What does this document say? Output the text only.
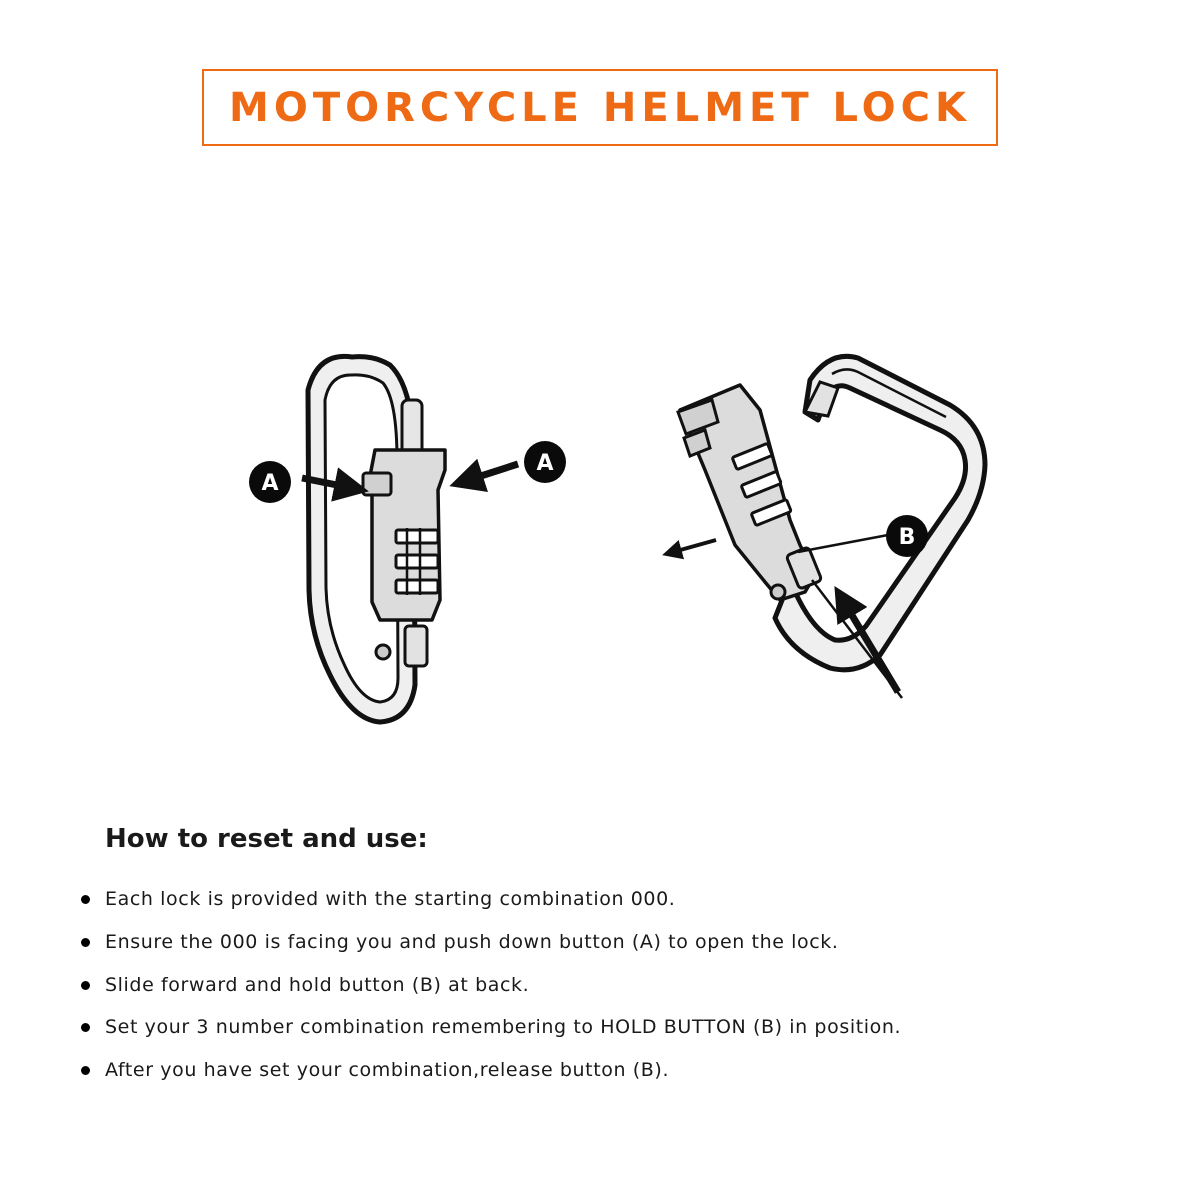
MOTORCYCLE HELMET LOCK
A
A
B
How to reset and use:
Each lock is provided with the starting combination 000.
Ensure the 000 is facing you and push down button (A) to open the lock.
Slide forward and hold button (B) at back.
Set your 3 number combination remembering to HOLD BUTTON (B) in position.
After you have set your combination,release button (B).
